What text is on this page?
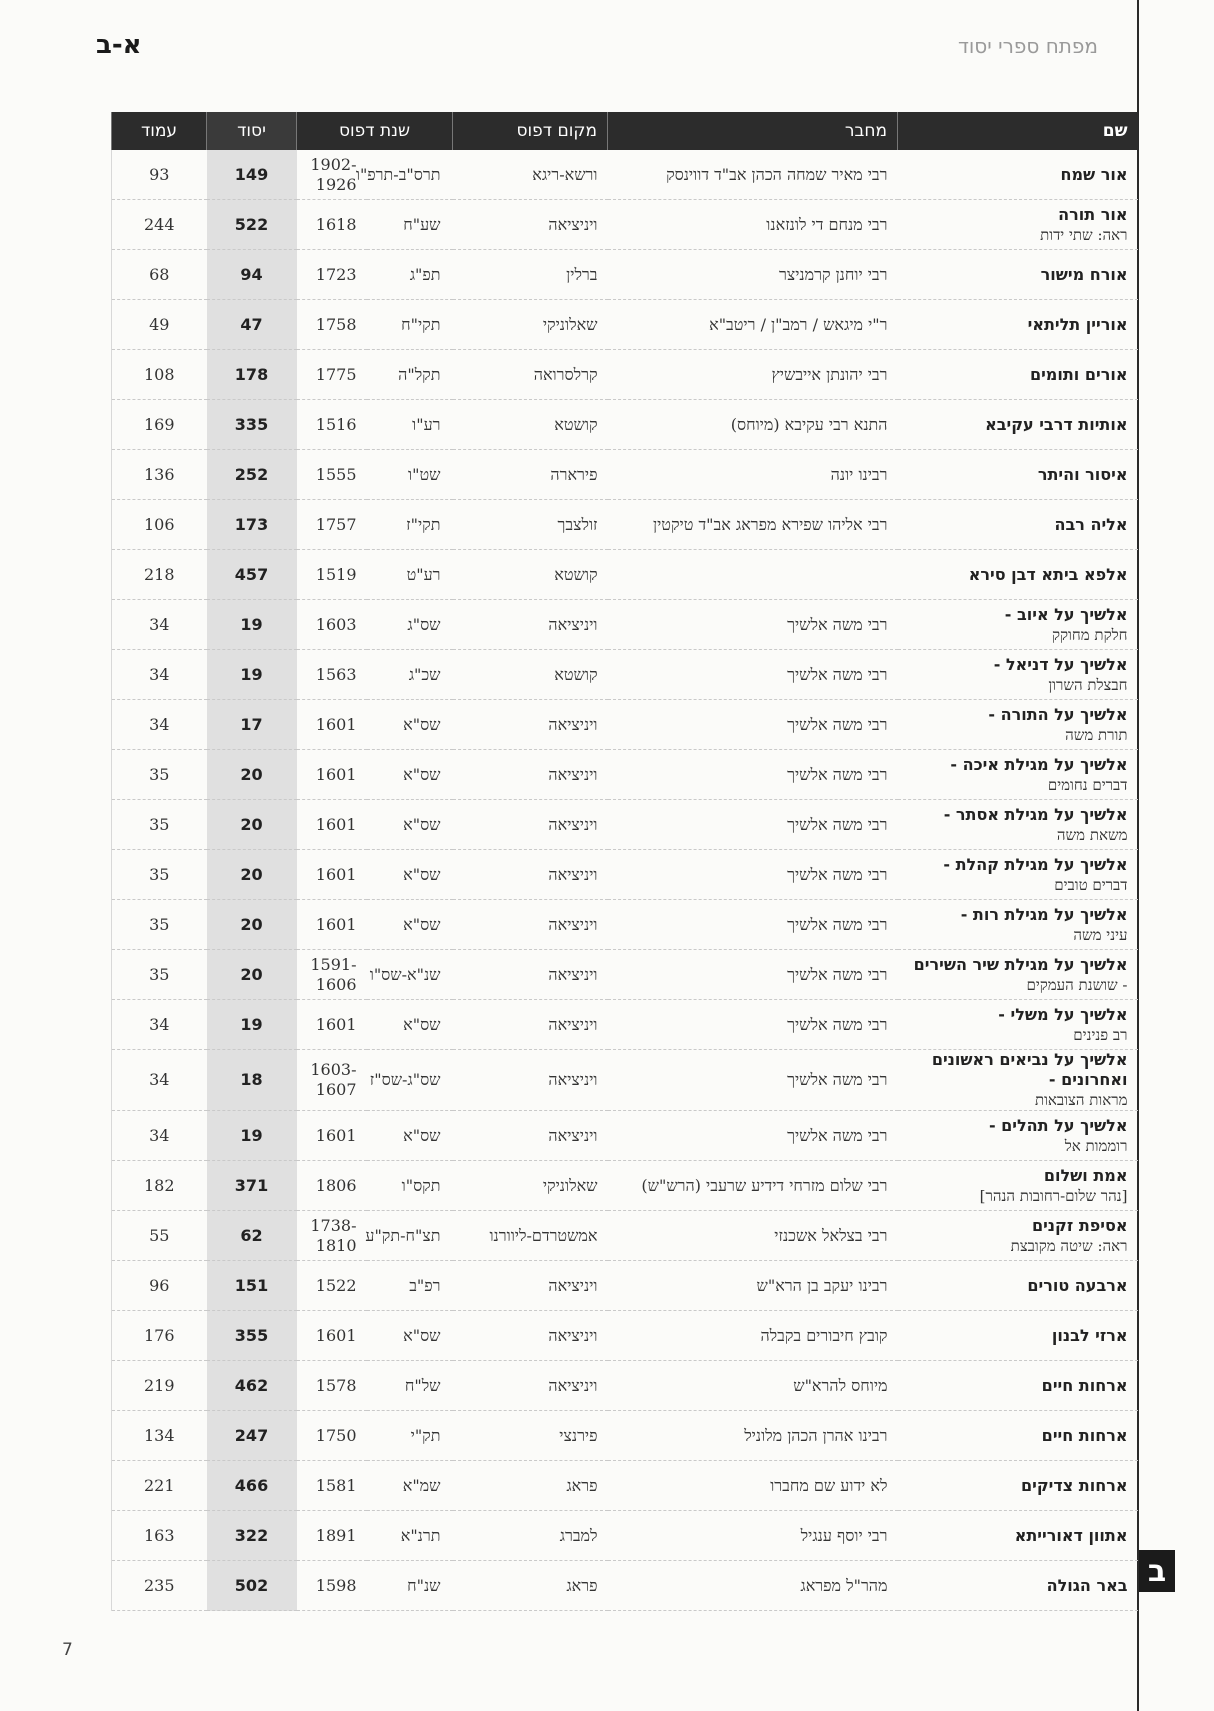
א-ב	מפתח ספרי יסוד
שם	מחבר	מקום דפוס	שנת דפוס		יסוד	עמוד

אור שמח	רבי מאיר שמחה הכהן אב"ד דווינסק	ורשא-ריגא	תרס"ב-תרפ"ו	1902-1926	149	93

אור תורה
ראה: שתי ידות	רבי מנחם די לונזאנו	ויניציאה	שע"ח	1618	522	244

אורח מישור	רבי יוחנן קרמניצר	ברלין	תפ"ג	1723	94	68

אוריין תליתאי	ר"י מיגאש / רמב"ן / ריטב"א	שאלוניקי	תקי"ח	1758	47	49

אורים ותומים	רבי יהונתן אייבשיץ	קרלסרואה	תקל"ה	1775	178	108

אותיות דרבי עקיבא	התנא רבי עקיבא (מיוחס)	קושטא	רע"ו	1516	335	169

איסור והיתר	רבינו יונה	פירארה	שט"ו	1555	252	136

אליה רבה	רבי אליהו שפירא מפראג אב"ד טיקטין	זולצבך	תקי"ז	1757	173	106

אלפא ביתא דבן סירא		קושטא	רע"ט	1519	457	218

אלשיך על איוב -
חלקת מחוקק	רבי משה אלשיך	ויניציאה	שס"ג	1603	19	34

אלשיך על דניאל -
חבצלת השרון	רבי משה אלשיך	קושטא	שכ"ג	1563	19	34

אלשיך על התורה -
תורת משה	רבי משה אלשיך	ויניציאה	שס"א	1601	17	34

אלשיך על מגילת איכה -
דברים נחומים	רבי משה אלשיך	ויניציאה	שס"א	1601	20	35

אלשיך על מגילת אסתר -
משאת משה	רבי משה אלשיך	ויניציאה	שס"א	1601	20	35

אלשיך על מגילת קהלת -
דברים טובים	רבי משה אלשיך	ויניציאה	שס"א	1601	20	35

אלשיך על מגילת רות -
עיני משה	רבי משה אלשיך	ויניציאה	שס"א	1601	20	35

אלשיך על מגילת שיר השירים
- שושנת העמקים	רבי משה אלשיך	ויניציאה	שנ"א-שס"ו	1591-1606	20	35

אלשיך על משלי -
רב פנינים	רבי משה אלשיך	ויניציאה	שס"א	1601	19	34

אלשיך על נביאים ראשונים ואחרונים -
מראות הצובאות	רבי משה אלשיך	ויניציאה	שס"ג-שס"ז	1603-1607	18	34

אלשיך על תהלים -
רוממות אל	רבי משה אלשיך	ויניציאה	שס"א	1601	19	34

אמת ושלום
[נהר שלום-רחובות הנהר]	רבי שלום מזרחי דידיע שרעבי (הרש"ש)	שאלוניקי	תקס"ו	1806	371	182

אסיפת זקנים
ראה: שיטה מקובצת	רבי בצלאל אשכנזי	אמשטרדם-ליוורנו	תצ"ח-תק"ע	1738-1810	62	55

ארבעה טורים	רבינו יעקב בן הרא"ש	ויניציאה	רפ"ב	1522	151	96

ארזי לבנון	קובץ חיבורים בקבלה	ויניציאה	שס"א	1601	355	176

ארחות חיים	מיוחס להרא"ש	ויניציאה	של"ח	1578	462	219

ארחות חיים	רבינו אהרן הכהן מלוניל	פירנצי	תק"י	1750	247	134

ארחות צדיקים	לא ידוע שם מחברו	פראג	שמ"א	1581	466	221

אתוון דאורייתא	רבי יוסף ענגיל	למברג	תרנ"א	1891	322	163

באר הגולה	מהר"ל מפראג	פראג	שנ"ח	1598	502	235	ב
7
